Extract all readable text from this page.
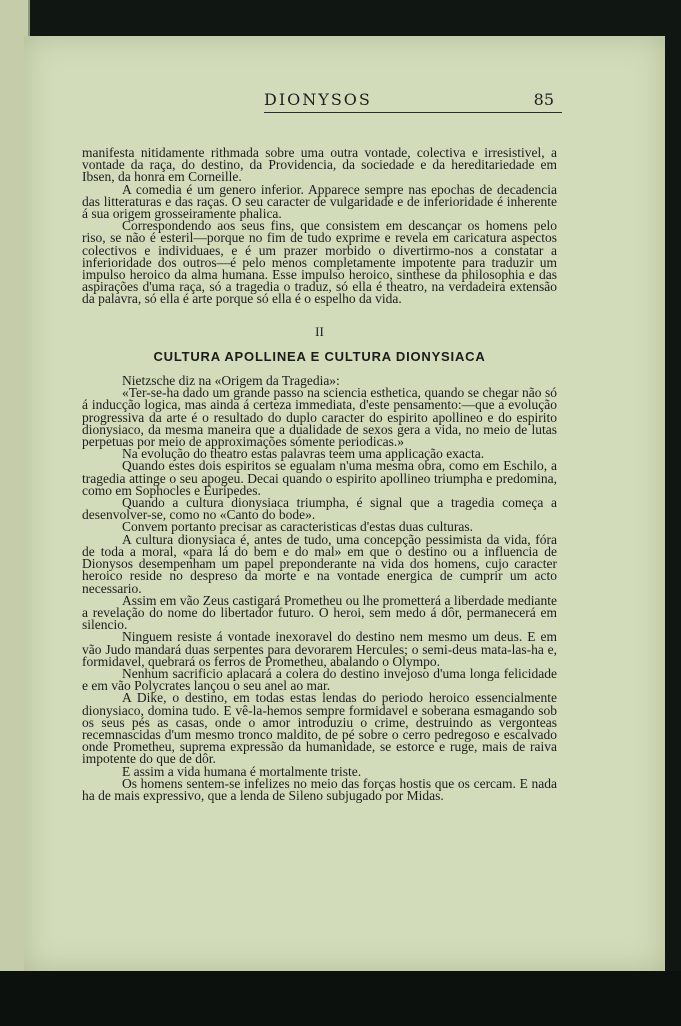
DIONYSOS	85

manifesta nitidamente rithmada sobre uma outra vontade, colectiva e irresistivel, a vontade da raça, do destino, da Providencia, da sociedade e da hereditariedade em Ibsen, da honra em Corneille.

A comedia é um genero inferior. Apparece sempre nas epochas de decadencia das litteraturas e das raças. O seu caracter de vulgaridade e de inferioridade é inherente á sua origem grosseiramente phalica.

Correspondendo aos seus fins, que consistem em descançar os homens pelo riso, se não é esteril—porque no fim de tudo exprime e revela em caricatura aspectos colectivos e individuaes, e é um prazer morbido o divertirmo-nos a constatar a inferioridade dos outros—é pelo menos completamente impotente para traduzir um impulso heroico da alma humana. Esse impulso heroico, sinthese da philosophia e das aspirações d'uma raça, só a tragedia o traduz, só ella é theatro, na verdadeira extensão da palavra, só ella é arte porque só ella é o espelho da vida.

II

CULTURA APOLLINEA E CULTURA DIONYSIACA

Nietzsche diz na «Origem da Tragedia»:

«Ter-se-ha dado um grande passo na sciencia esthetica, quando se chegar não só á inducção logica, mas ainda á certeza immediata, d'este pensamento:—que a evolução progressiva da arte é o resultado do duplo caracter do espirito apollineo e do espirito dionysiaco, da mesma maneira que a dualidade de sexos gera a vida, no meio de lutas perpetuas por meio de approximações sómente periodicas.»

Na evolução do theatro estas palavras teem uma applicação exacta.

Quando estes dois espiritos se egualam n'uma mesma obra, como em Eschilo, a tragedia attinge o seu apogeu. Decai quando o espirito apollineo triumpha e predomina, como em Sophocles e Euripedes.

Quando a cultura dionysiaca triumpha, é signal que a tragedia começa a desenvolver-se, como no «Canto do bode».

Convem portanto precisar as caracteristicas d'estas duas culturas.

A cultura dionysiaca é, antes de tudo, uma concepção pessimista da vida, fóra de toda a moral, «para lá do bem e do mal» em que o destino ou a influencia de Dionysos desempenham um papel preponderante na vida dos homens, cujo caracter heroico reside no despreso da morte e na vontade energica de cumprir um acto necessario.

Assim em vão Zeus castigará Prometheu ou lhe prometterá a liberdade mediante a revelação do nome do libertador futuro. O heroi, sem medo á dôr, permanecerá em silencio.

Ninguem resiste á vontade inexoravel do destino nem mesmo um deus. E em vão Judo mandará duas serpentes para devorarem Hercules; o semi-deus mata-las-ha e, formidavel, quebrará os ferros de Prometheu, abalando o Olympo.

Nenhum sacrificio aplacará a colera do destino invejoso d'uma longa felicidade e em vão Polycrates lançou o seu anel ao mar.

A Dike, o destino, em todas estas lendas do periodo heroico essencialmente dionysiaco, domina tudo. E vê-la-hemos sempre formidavel e soberana esmagando sob os seus pés as casas, onde o amor introduziu o crime, destruindo as vergonteas recemnascidas d'um mesmo tronco maldito, de pé sobre o cerro pedregoso e escalvado onde Prometheu, suprema expressão da humanidade, se estorce e ruge, mais de raiva impotente do que de dôr.

E assim a vida humana é mortalmente triste.

Os homens sentem-se infelizes no meio das forças hostis que os cercam. E nada ha de mais expressivo, que a lenda de Sileno subjugado por Midas.
